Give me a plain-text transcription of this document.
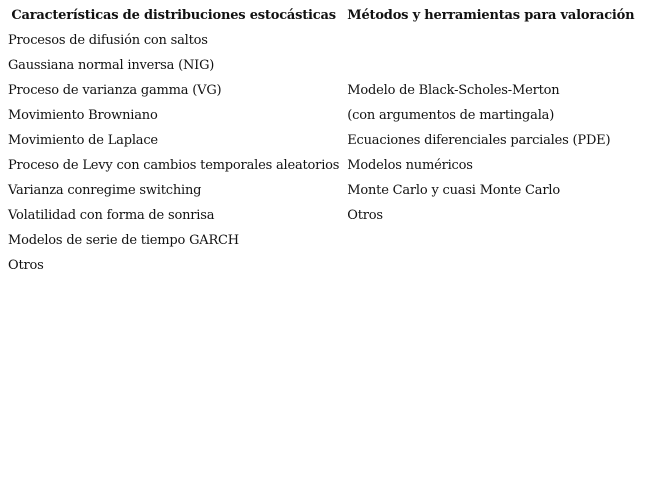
Características de distribuciones estocásticas	Métodos y herramientas para valoración
Procesos de difusión con saltos	
Gaussiana normal inversa (NIG)	
Proceso de varianza gamma (VG)	Modelo de Black-Scholes-Merton
Movimiento Browniano	(con argumentos de martingala)
Movimiento de Laplace	Ecuaciones diferenciales parciales (PDE)
Proceso de Levy con cambios temporales aleatorios	Modelos numéricos
Varianza conregime switching	Monte Carlo y cuasi Monte Carlo
Volatilidad con forma de sonrisa	Otros
Modelos de serie de tiempo GARCH	
Otros	
